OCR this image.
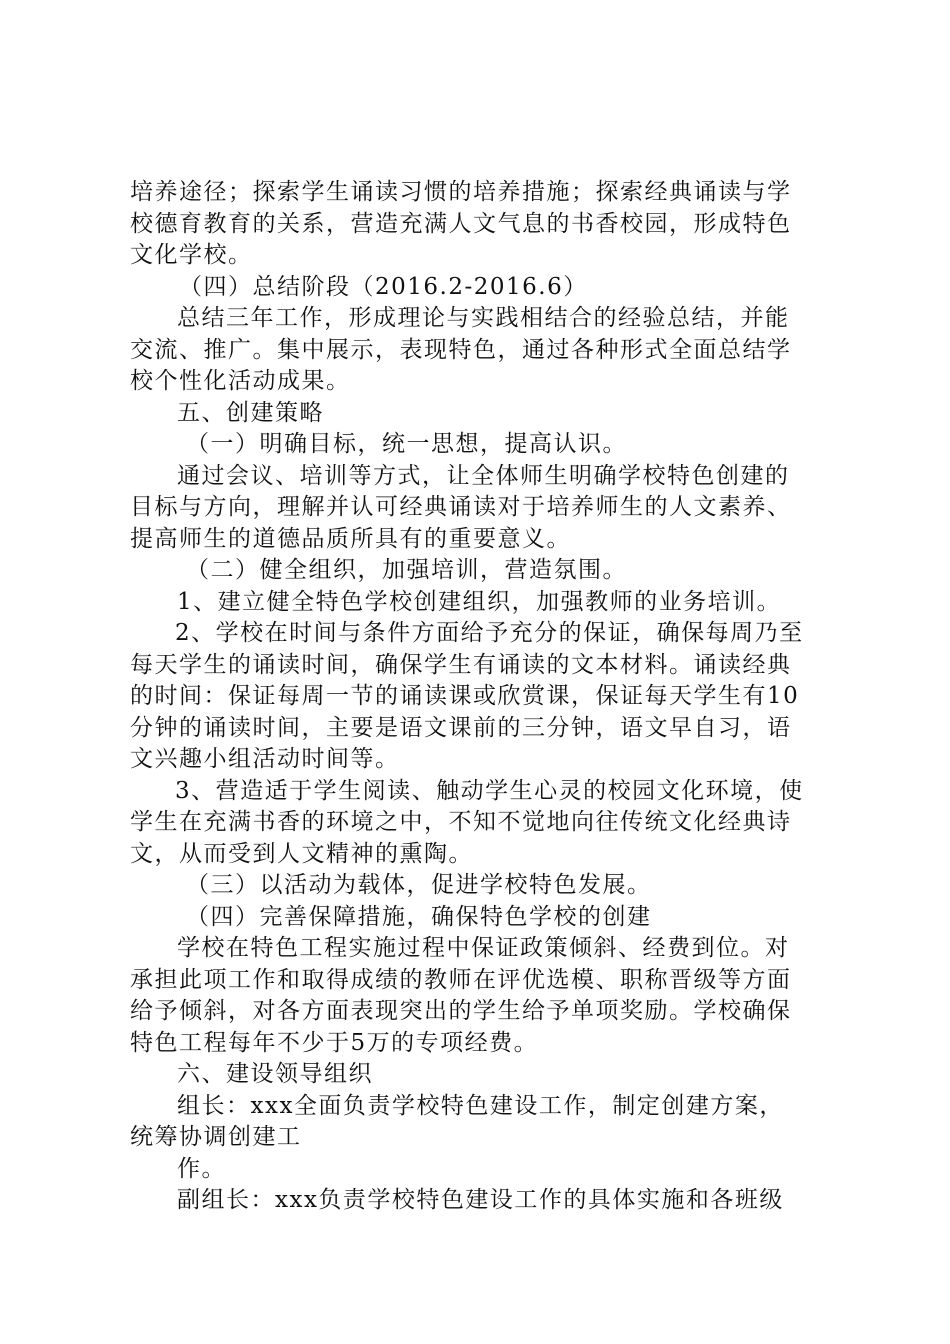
培养途径；探索学生诵读习惯的培养措施；探索经典诵读与学
校德育教育的关系，营造充满人文气息的书香校园，形成特色
文化学校。
（四）总结阶段（2016.2-2016.6）
总结三年工作，形成理论与实践相结合的经验总结，并能
交流、推广。集中展示，表现特色，通过各种形式全面总结学
校个性化活动成果。
五、创建策略
（一）明确目标，统一思想，提高认识。
通过会议、培训等方式，让全体师生明确学校特色创建的
目标与方向，理解并认可经典诵读对于培养师生的人文素养、
提高师生的道德品质所具有的重要意义。
（二）健全组织，加强培训，营造氛围。
1、建立健全特色学校创建组织，加强教师的业务培训。
2、学校在时间与条件方面给予充分的保证，确保每周乃至
每天学生的诵读时间，确保学生有诵读的文本材料。诵读经典
的时间：保证每周一节的诵读课或欣赏课，保证每天学生有10
分钟的诵读时间，主要是语文课前的三分钟，语文早自习，语
文兴趣小组活动时间等。
3、营造适于学生阅读、触动学生心灵的校园文化环境，使
学生在充满书香的环境之中，不知不觉地向往传统文化经典诗
文，从而受到人文精神的熏陶。
（三）以活动为载体，促进学校特色发展。
（四）完善保障措施，确保特色学校的创建
学校在特色工程实施过程中保证政策倾斜、经费到位。对
承担此项工作和取得成绩的教师在评优选模、职称晋级等方面
给予倾斜，对各方面表现突出的学生给予单项奖励。学校确保
特色工程每年不少于5万的专项经费。
六、建设领导组织
组长：xxx全面负责学校特色建设工作，制定创建方案，
统筹协调创建工
作。
副组长：xxx负责学校特色建设工作的具体实施和各班级
